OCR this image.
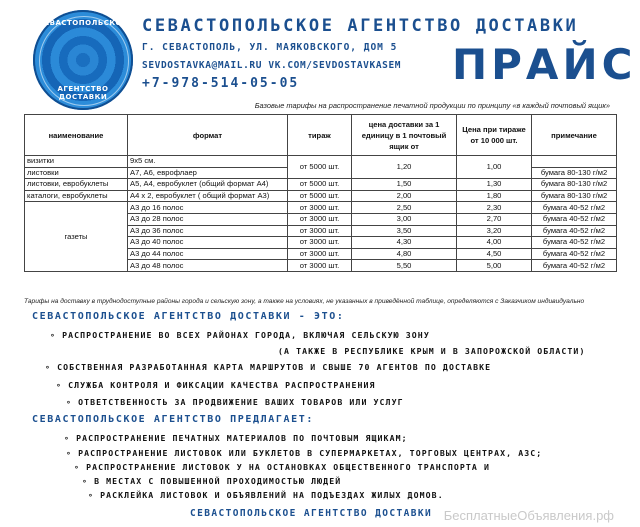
СЕВАСТОПОЛЬСКОЕ
АГЕНТСТВО ДОСТАВКИ
СЕВАСТОПОЛЬСКОЕ АГЕНТСТВО ДОСТАВКИ
Г. СЕВАСТОПОЛЬ, УЛ. МАЯКОВСКОГО, ДОМ 5
SEVDOSTAVKA@MAIL.RU VK.COM/SEVDOSTAVKASEM
+7-978-514-05-05	ПРАЙС
Базовые тарифы на распространение печатной продукции по принципу «в каждый почтовый ящик»
наименование	формат	тираж	цена доставки за 1 единицу в 1 почтовый ящик от	Цена при тираже от 10 000 шт.	примечание
визитки	9х5 см.	от 5000 шт.	1,20	1,00	
листовки	А7, А6, еврофлаер				бумага 80-130 г/м2
листовки, евробуклеты	А5, А4, евробуклет (общий формат А4)	от 5000 шт.	1,50	1,30	бумага 80-130 г/м2
каталоги, евробуклеты	А4 х 2, евробуклет ( общий формат А3)	от 5000 шт.	2,00	1,80	бумага 80-130 г/м2
газеты	А3 до 16 полос	от 3000 шт.	2,50	2,30	бумага 40-52 г/м2
	А3 до 28 полос	от 3000 шт.	3,00	2,70	бумага 40-52 г/м2
	А3 до 36 полос	от 3000 шт.	3,50	3,20	бумага 40-52 г/м2
	А3 до 40 полос	от 3000 шт.	4,30	4,00	бумага 40-52 г/м2
	А3 до 44 полос	от 3000 шт.	4,80	4,50	бумага 40-52 г/м2
	А3 до 48 полос	от 3000 шт.	5,50	5,00	бумага 40-52 г/м2
Тарифы на доставку в труднодоступные районы города и сельскую зону, а также на условиях, не указанных в приведённой таблице, определяются с Заказчиком индивидуально
СЕВАСТОПОЛЬСКОЕ АГЕНТСТВО ДОСТАВКИ - ЭТО:
∘ РАСПРОСТРАНЕНИЕ ВО ВСЕХ РАЙОНАХ ГОРОДА, ВКЛЮЧАЯ СЕЛЬСКУЮ ЗОНУ
(А ТАКЖЕ В РЕСПУБЛИКЕ КРЫМ И В ЗАПОРОЖСКОЙ ОБЛАСТИ)
∘ СОБСТВЕННАЯ РАЗРАБОТАННАЯ КАРТА МАРШРУТОВ И СВЫШЕ 70 АГЕНТОВ ПО ДОСТАВКЕ
∘ СЛУЖБА КОНТРОЛЯ И ФИКСАЦИИ КАЧЕСТВА РАСПРОСТРАНЕНИЯ
∘ ОТВЕТСТВЕННОСТЬ ЗА ПРОДВИЖЕНИЕ ВАШИХ ТОВАРОВ ИЛИ УСЛУГ
СЕВАСТОПОЛЬСКОЕ АГЕНТСТВО ПРЕДЛАГАЕТ:
∘ РАСПРОСТРАНЕНИЕ ПЕЧАТНЫХ МАТЕРИАЛОВ ПО ПОЧТОВЫМ ЯЩИКАМ;
∘ РАСПРОСТРАНЕНИЕ ЛИСТОВОК ИЛИ БУКЛЕТОВ В СУПЕРМАРКЕТАХ, ТОРГОВЫХ ЦЕНТРАХ, АЗС;
∘ РАСПРОСТРАНЕНИЕ ЛИСТОВОК У НА ОСТАНОВКАХ ОБЩЕСТВЕННОГО ТРАНСПОРТА И
∘ В МЕСТАХ С ПОВЫШЕННОЙ ПРОХОДИМОСТЬЮ ЛЮДЕЙ
∘ РАСКЛЕЙКА ЛИСТОВОК И ОБЪЯВЛЕНИЙ НА ПОДЪЕЗДАХ ЖИЛЫХ ДОМОВ.
СЕВАСТОПОЛЬСКОЕ АГЕНТСТВО ДОСТАВКИ БесплатныеОбъявления.рф
